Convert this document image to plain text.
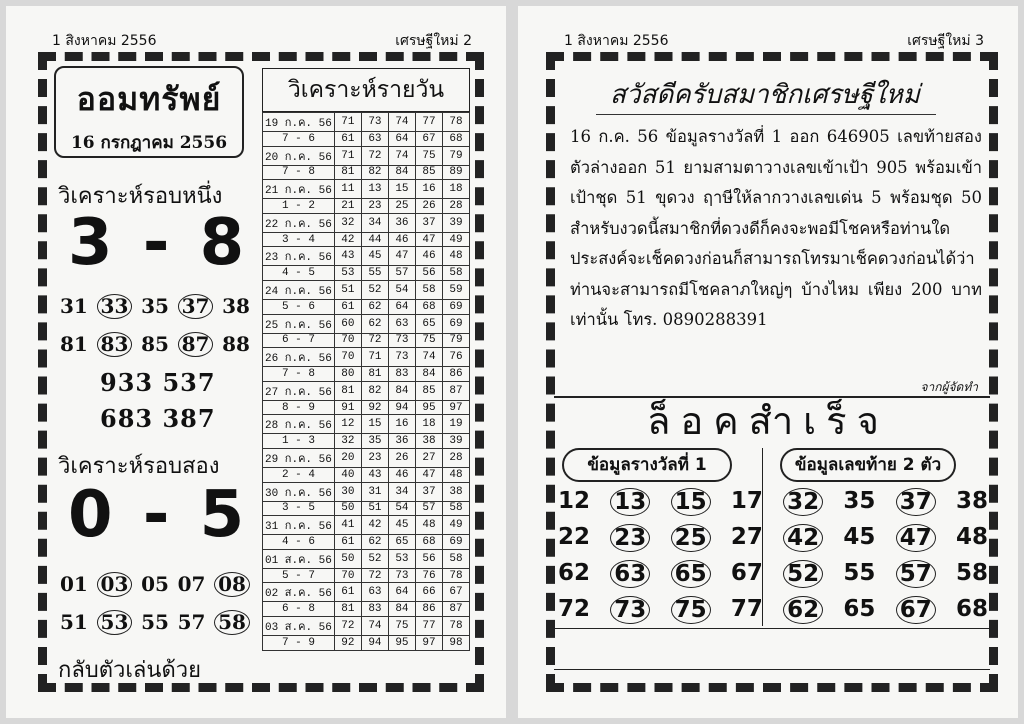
1 สิงหาคม 2556	เศรษฐีใหม่ 2
ออมทรัพย์
16 กรกฎาคม 2556
วิเคราะห์รอบหนึ่ง
3 - 8
31 33 35 37 38
81 83 85 87 88
933 537
683 387
วิเคราะห์รอบสอง
0 - 5
01 03 05 07 08
51 53 55 57 58
กลับตัวเล่นด้วย
วิเคราะห์รายวัน
19 ก.ค. 56	71	73	74	77	78
7 - 6	61	63	64	67	68
20 ก.ค. 56	71	72	74	75	79
7 - 8	81	82	84	85	89
21 ก.ค. 56	11	13	15	16	18
1 - 2	21	23	25	26	28
22 ก.ค. 56	32	34	36	37	39
3 - 4	42	44	46	47	49
23 ก.ค. 56	43	45	47	46	48
4 - 5	53	55	57	56	58
24 ก.ค. 56	51	52	54	58	59
5 - 6	61	62	64	68	69
25 ก.ค. 56	60	62	63	65	69
6 - 7	70	72	73	75	79
26 ก.ค. 56	70	71	73	74	76
7 - 8	80	81	83	84	86
27 ก.ค. 56	81	82	84	85	87
8 - 9	91	92	94	95	97
28 ก.ค. 56	12	15	16	18	19
1 - 3	32	35	36	38	39
29 ก.ค. 56	20	23	26	27	28
2 - 4	40	43	46	47	48
30 ก.ค. 56	30	31	34	37	38
3 - 5	50	51	54	57	58
31 ก.ค. 56	41	42	45	48	49
4 - 6	61	62	65	68	69
01 ส.ค. 56	50	52	53	56	58
5 - 7	70	72	73	76	78
02 ส.ค. 56	61	63	64	66	67
6 - 8	81	83	84	86	87
03 ส.ค. 56	72	74	75	77	78
7 - 9	92	94	95	97	98
1 สิงหาคม 2556	เศรษฐีใหม่ 3
สวัสดีครับสมาชิกเศรษฐีใหม่
16 ก.ค. 56 ข้อมูลรางวัลที่ 1 ออก 646905 เลขท้ายสองตัวล่างออก 51 ยามสามตาวางเลขเข้าเป้า 905 พร้อมเข้าเป้าชุด 51 ขุดวง ฤาษีให้ลากวางเลขเด่น 5 พร้อมชุด 50 สำหรับงวดนี้สมาชิกที่ดวงดีก็คงจะพอมีโชคหรือท่านใดประสงค์จะเช็คดวงก่อนก็สามารถโทรมาเช็คดวงก่อนได้ว่าท่านจะสามารถมีโชคลาภใหญ่ๆ บ้างไหม เพียง 200 บาท เท่านั้น โทร. 0890288391
จากผู้จัดทำ
ล็อคสำเร็จ
ข้อมูลรางวัลที่ 1	ข้อมูลเลขท้าย 2 ตัว
12 13 15 17 32 35 37 38
22 23 25 27 42 45 47 48
62 63 65 67 52 55 57 58
72 73 75 77 62 65 67 68
